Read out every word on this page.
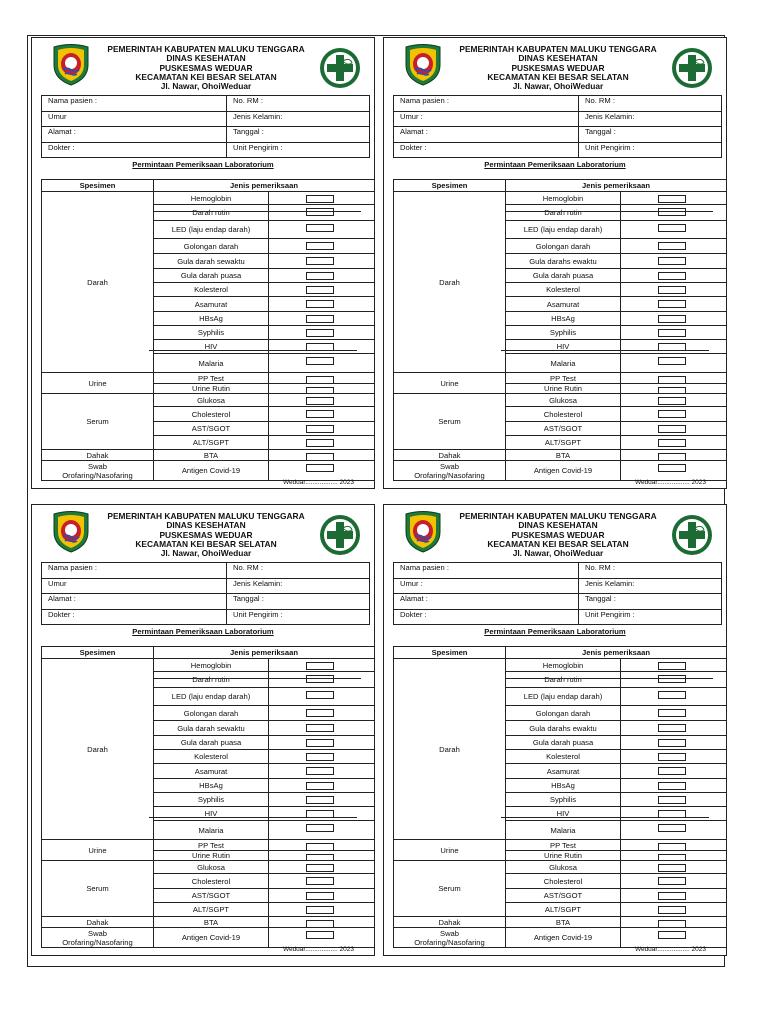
PEMERINTAH KABUPATEN MALUKU TENGGARA
DINAS KESEHATAN
PUSKESMAS WEDUAR
KECAMATAN KEI BESAR SELATAN
Jl. Nawar, OhoiWeduar
Nama pasien :	No. RM :
Umur	Jenis Kelamin:
Alamat :	Tanggal :
Dokter :	Unit Pengirim :
Permintaan Pemeriksaan Laboratorium
Spesimen	Jenis pemeriksaan	

Darah	Hemoglobin	

	Darah rutin	

	LED (laju endap darah)	

	Golongan darah	

	Gula darah sewaktu	

	Gula darah puasa	

	Kolesterol	

	Asamurat	

	HBsAg	

	Syphilis	

	HIV	

	Malaria	

Urine	PP Test	

	Urine Rutin	

Serum	Glukosa	

	Cholesterol	

	AST/SGOT	

	ALT/SGPT	

Dahak	BTA	

Swab
Orofaring/Nasofaring	Antigen Covid-19	
Weduar.................. 2023
PEMERINTAH KABUPATEN MALUKU TENGGARA
DINAS KESEHATAN
PUSKESMAS WEDUAR
KECAMATAN KEI BESAR SELATAN
Jl. Nawar, OhoiWeduar
Nama pasien :	No. RM :
Umur :	Jenis Kelamin:
Alamat :	Tanggal :
Dokter :	Unit Pengirim :
Permintaan Pemeriksaan Laboratorium
Spesimen	Jenis pemeriksaan	

Darah	Hemoglobin	

	Darah rutin	

	LED (laju endap darah)	

	Golongan darah	

	Gula darahs ewaktu	

	Gula darah puasa	

	Kolesterol	

	Asamurat	

	HBsAg	

	Syphilis	

	HIV	

	Malaria	

Urine	PP Test	

	Urine Rutin	

Serum	Glukosa	

	Cholesterol	

	AST/SGOT	

	ALT/SGPT	

Dahak	BTA	

Swab
Orofaring/Nasofaring	Antigen Covid-19	
Weduar.................. 2023
PEMERINTAH KABUPATEN MALUKU TENGGARA
DINAS KESEHATAN
PUSKESMAS WEDUAR
KECAMATAN KEI BESAR SELATAN
Jl. Nawar, OhoiWeduar
Nama pasien :	No. RM :
Umur	Jenis Kelamin:
Alamat :	Tanggal :
Dokter :	Unit Pengirim :
Permintaan Pemeriksaan Laboratorium
Spesimen	Jenis pemeriksaan	

Darah	Hemoglobin	

	Darah rutin	

	LED (laju endap darah)	

	Golongan darah	

	Gula darah sewaktu	

	Gula darah puasa	

	Kolesterol	

	Asamurat	

	HBsAg	

	Syphilis	

	HIV	

	Malaria	

Urine	PP Test	

	Urine Rutin	

Serum	Glukosa	

	Cholesterol	

	AST/SGOT	

	ALT/SGPT	

Dahak	BTA	

Swab
Orofaring/Nasofaring	Antigen Covid-19	
Weduar.................. 2023
PEMERINTAH KABUPATEN MALUKU TENGGARA
DINAS KESEHATAN
PUSKESMAS WEDUAR
KECAMATAN KEI BESAR SELATAN
Jl. Nawar, OhoiWeduar
Nama pasien :	No. RM :
Umur :	Jenis Kelamin:
Alamat :	Tanggal :
Dokter :	Unit Pengirim :
Permintaan Pemeriksaan Laboratorium
Spesimen	Jenis pemeriksaan	

Darah	Hemoglobin	

	Darah rutin	

	LED (laju endap darah)	

	Golongan darah	

	Gula darahs ewaktu	

	Gula darah puasa	

	Kolesterol	

	Asamurat	

	HBsAg	

	Syphilis	

	HIV	

	Malaria	

Urine	PP Test	

	Urine Rutin	

Serum	Glukosa	

	Cholesterol	

	AST/SGOT	

	ALT/SGPT	

Dahak	BTA	

Swab
Orofaring/Nasofaring	Antigen Covid-19	
Weduar.................. 2023
